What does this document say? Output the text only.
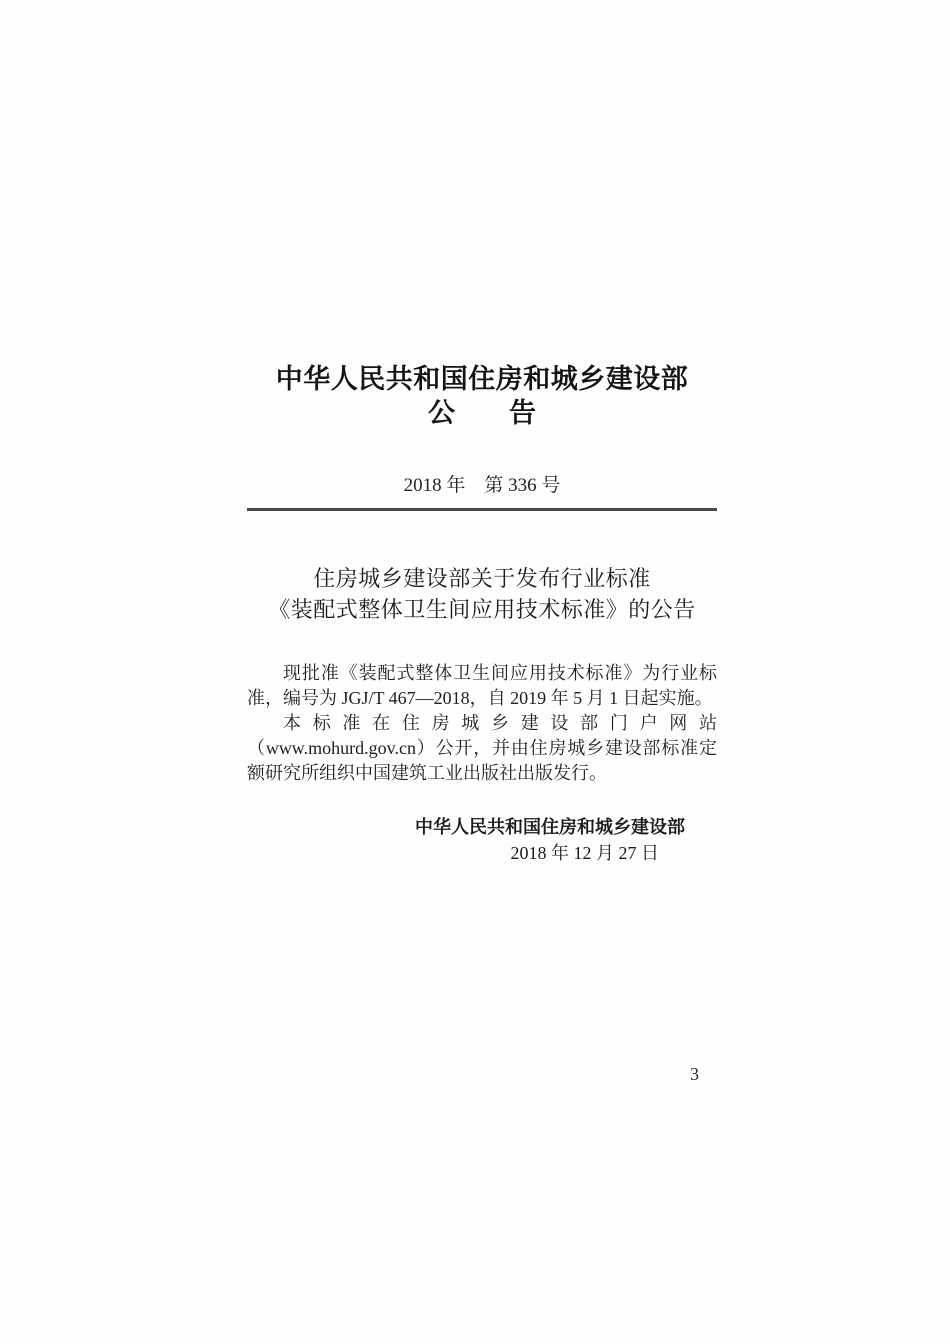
中华人民共和国住房和城乡建设部
公　　告
2018 年　第 336 号
住房城乡建设部关于发布行业标准
《装配式整体卫生间应用技术标准》的公告

现批准《装配式整体卫生间应用技术标准》为行业标准，编号为 JGJ/T 467—2018，自 2019 年 5 月 1 日起实施。

本标准在住房城乡建设部门户网站（www.mohurd.gov.cn）公开，并由住房城乡建设部标准定额研究所组织中国建筑工业出版社出版发行。

中华人民共和国住房和城乡建设部
2018 年 12 月 27 日
3
